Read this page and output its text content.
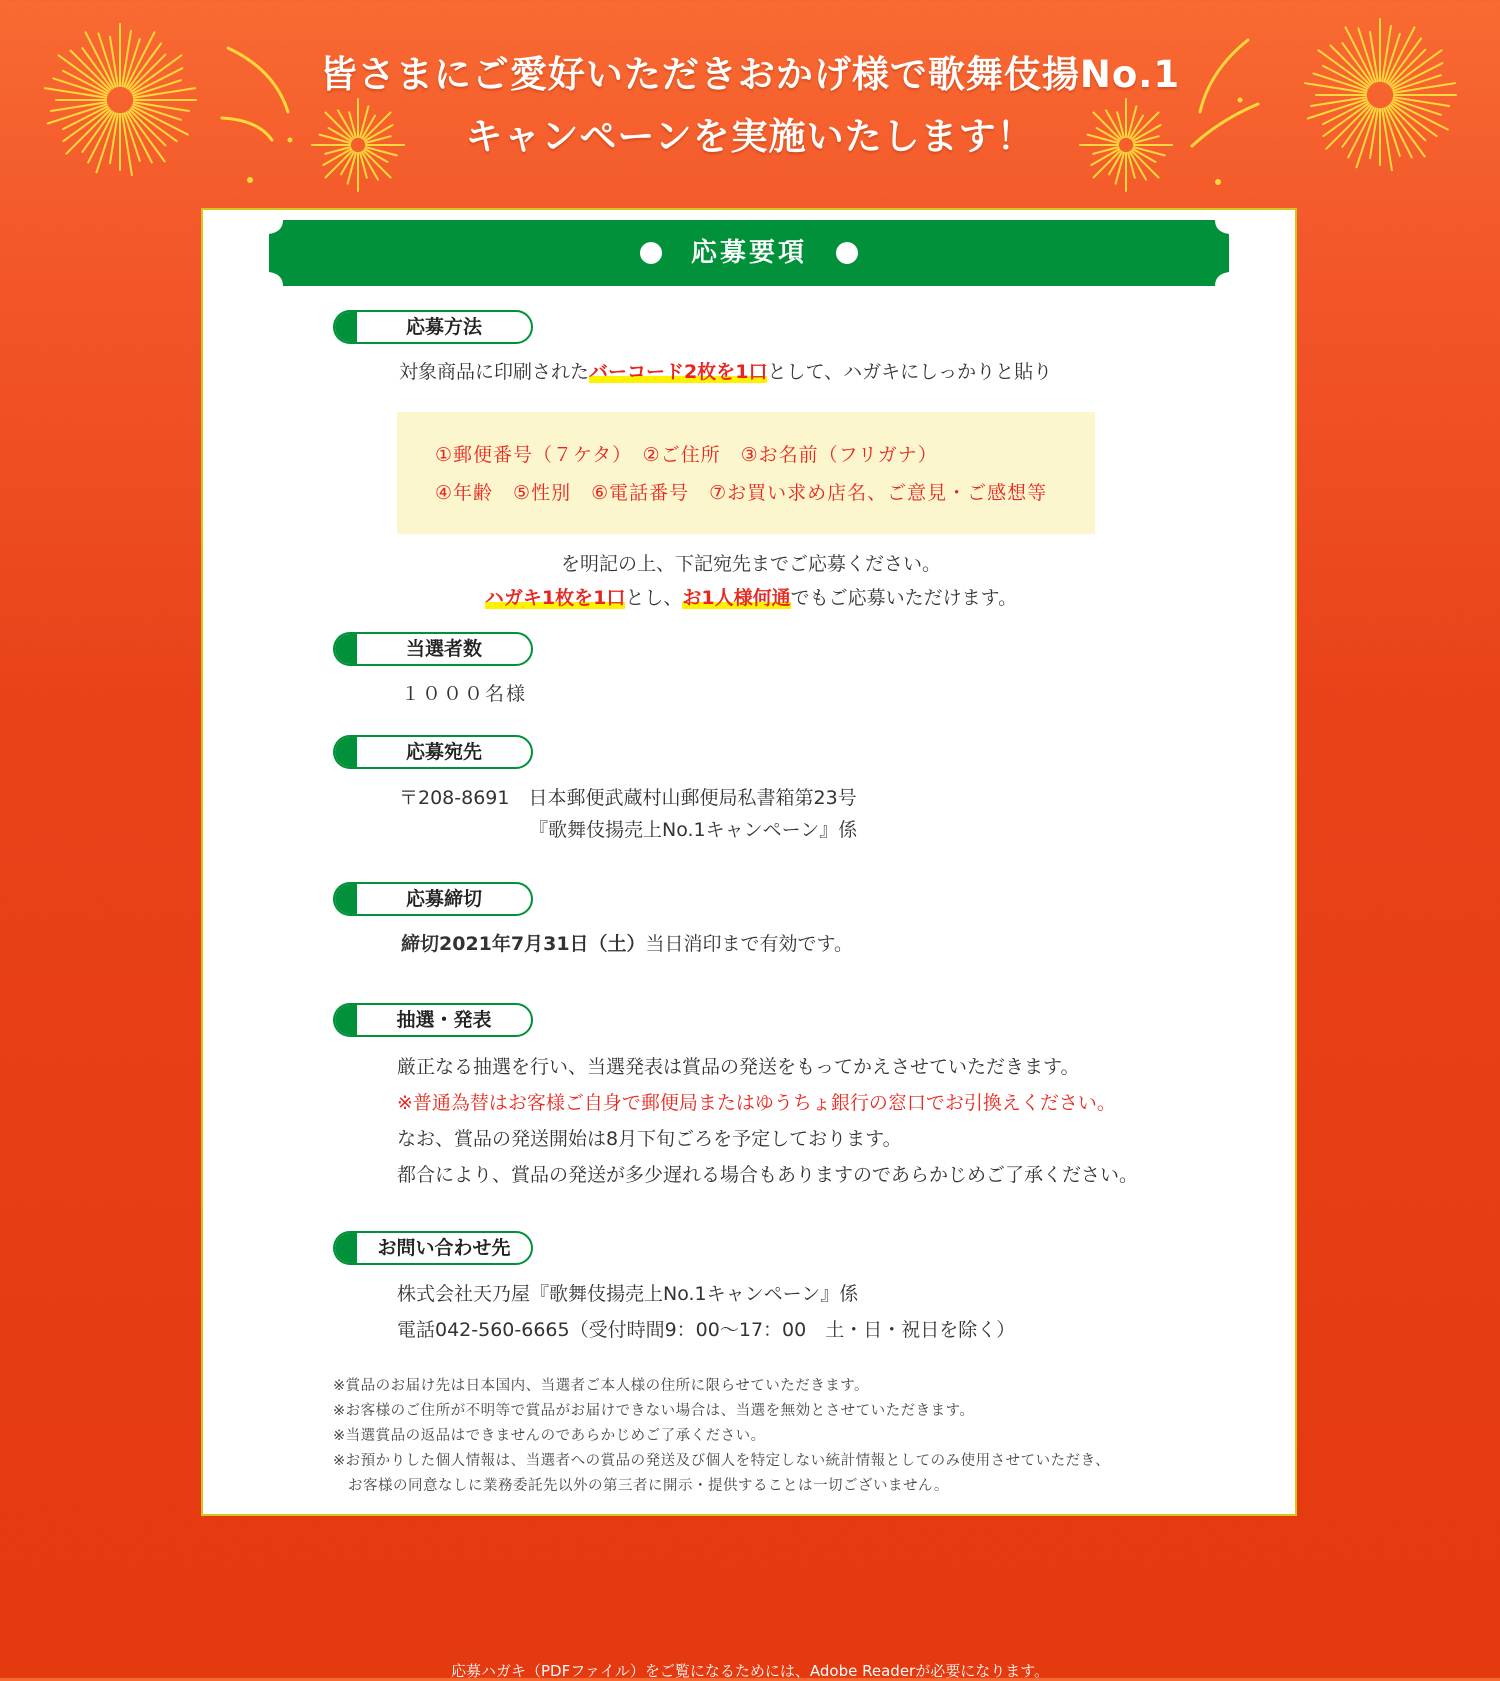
皆さまにご愛好いただきおかげ様で歌舞伎揚No.1
キャンペーンを実施いたします！
応募要項
応募方法
対象商品に印刷されたバーコード2枚を1口として、ハガキにしっかりと貼り
①郵便番号（７ケタ）　②ご住所　③お名前（フリガナ）
④年齢　⑤性別　⑥電話番号　⑦お買い求め店名、ご意見・ご感想等
を明記の上、下記宛先までご応募ください。
ハガキ1枚を1口とし、お1人様何通でもご応募いただけます。
当選者数
１０００名様
応募宛先
〒208-8691　日本郵便武蔵村山郵便局私書箱第23号
『歌舞伎揚売上No.1キャンペーン』係
応募締切
締切2021年7月31日（土）当日消印まで有効です。
抽選・発表
厳正なる抽選を行い、当選発表は賞品の発送をもってかえさせていただきます。
※普通為替はお客様ご自身で郵便局またはゆうちょ銀行の窓口でお引換えください。
なお、賞品の発送開始は8月下旬ごろを予定しております。
都合により、賞品の発送が多少遅れる場合もありますのであらかじめご了承ください。
お問い合わせ先
株式会社天乃屋『歌舞伎揚売上No.1キャンペーン』係
電話042-560-6665（受付時間9：00〜17：00　土・日・祝日を除く）
※賞品のお届け先は日本国内、当選者ご本人様の住所に限らせていただきます。
※お客様のご住所が不明等で賞品がお届けできない場合は、当選を無効とさせていただきます。
※当選賞品の返品はできませんのであらかじめご了承ください。
※お預かりした個人情報は、当選者への賞品の発送及び個人を特定しない統計情報としてのみ使用させていただき、
　お客様の同意なしに業務委託先以外の第三者に開示・提供することは一切ございません。
応募ハガキ（PDFファイル）をご覧になるためには、Adobe Readerが必要になります。
